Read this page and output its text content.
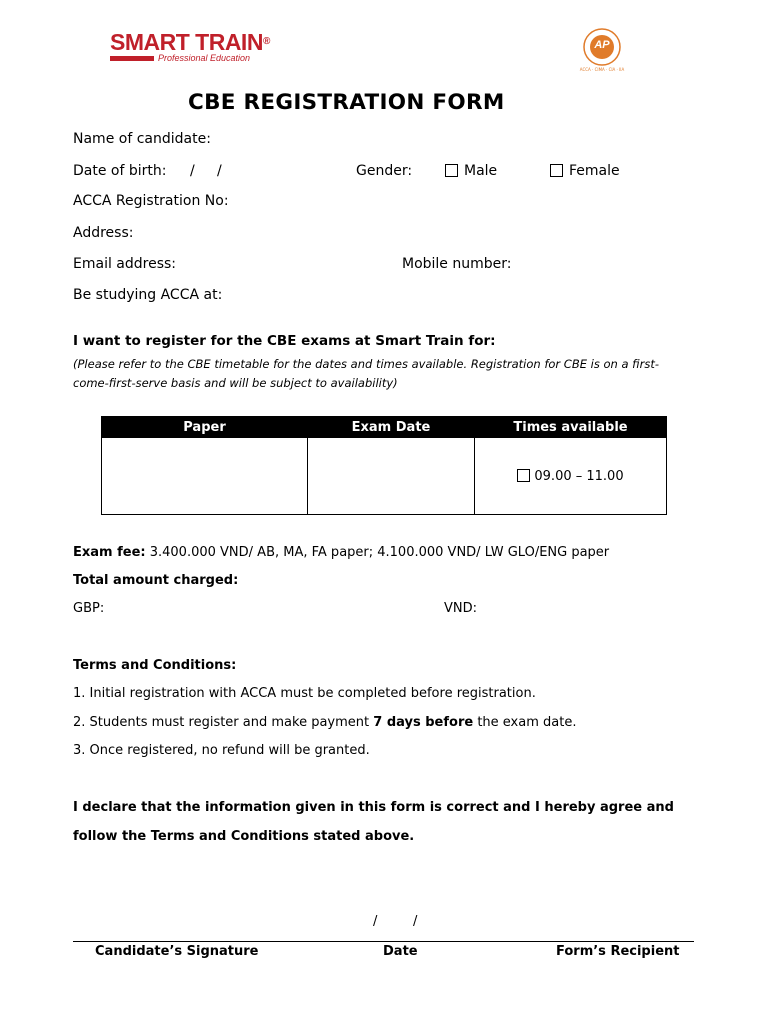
SMART TRAIN®
Professional Education
AP
ACCA · CIMA · CIA · IIA
CBE REGISTRATION FORM
Name of candidate:
Date of birth: / /	Gender:	Male	Female
ACCA Registration No:
Address:
Email address:	Mobile number:
Be studying ACCA at:
I want to register for the CBE exams at Smart Train for:
(Please refer to the CBE timetable for the dates and times available. Registration for CBE is on a first-
come-first-serve basis and will be subject to availability)
Paper	Exam Date	Times available
		09.00 – 11.00
Exam fee: 3.400.000 VND/ AB, MA, FA paper; 4.100.000 VND/ LW GLO/ENG paper
Total amount charged:
GBP:	VND:
Terms and Conditions:
1. Initial registration with ACCA must be completed before registration.
2. Students must register and make payment 7 days before the exam date.
3. Once registered, no refund will be granted.
I declare that the information given in this form is correct and I hereby agree and
follow the Terms and Conditions stated above.
/	/
Candidate’s Signature	Date	Form’s Recipient
